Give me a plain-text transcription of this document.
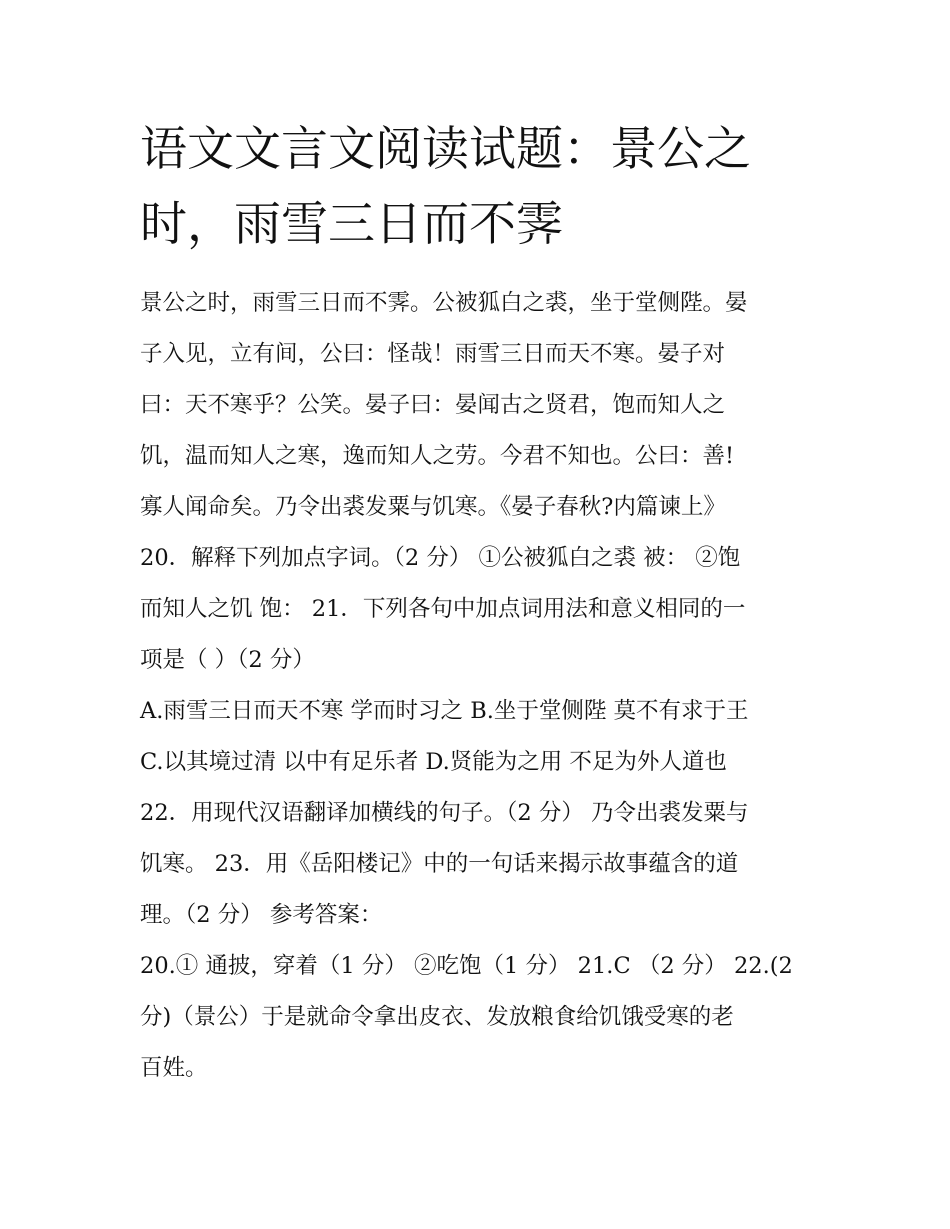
语文文言文阅读试题：景公之
时，雨雪三日而不霁
景公之时，雨雪三日而不霁。公被狐白之裘，坐于堂侧陛。晏
子入见，立有间，公曰：怪哉！雨雪三日而天不寒。晏子对
曰：天不寒乎？公笑。晏子曰：晏闻古之贤君，饱而知人之
饥，温而知人之寒，逸而知人之劳。今君不知也。公曰：善!
寡人闻命矣。乃令出裘发粟与饥寒。《晏子春秋?内篇谏上》
20．解释下列加点字词。（2 分） ①公被狐白之裘 被： ②饱
而知人之饥 饱： 21．下列各句中加点词用法和意义相同的一
项是（ ）（2 分）
A.雨雪三日而天不寒 学而时习之 B.坐于堂侧陛 莫不有求于王
C.以其境过清 以中有足乐者 D.贤能为之用 不足为外人道也
22．用现代汉语翻译加横线的句子。（2 分） 乃令出裘发粟与
饥寒。 23．用《岳阳楼记》中的一句话来揭示故事蕴含的道
理。（2 分） 参考答案：
20.① 通披，穿着（1 分） ②吃饱（1 分） 21.C （2 分） 22.(2
分)（景公）于是就命令拿出皮衣、发放粮食给饥饿受寒的老
百姓。
